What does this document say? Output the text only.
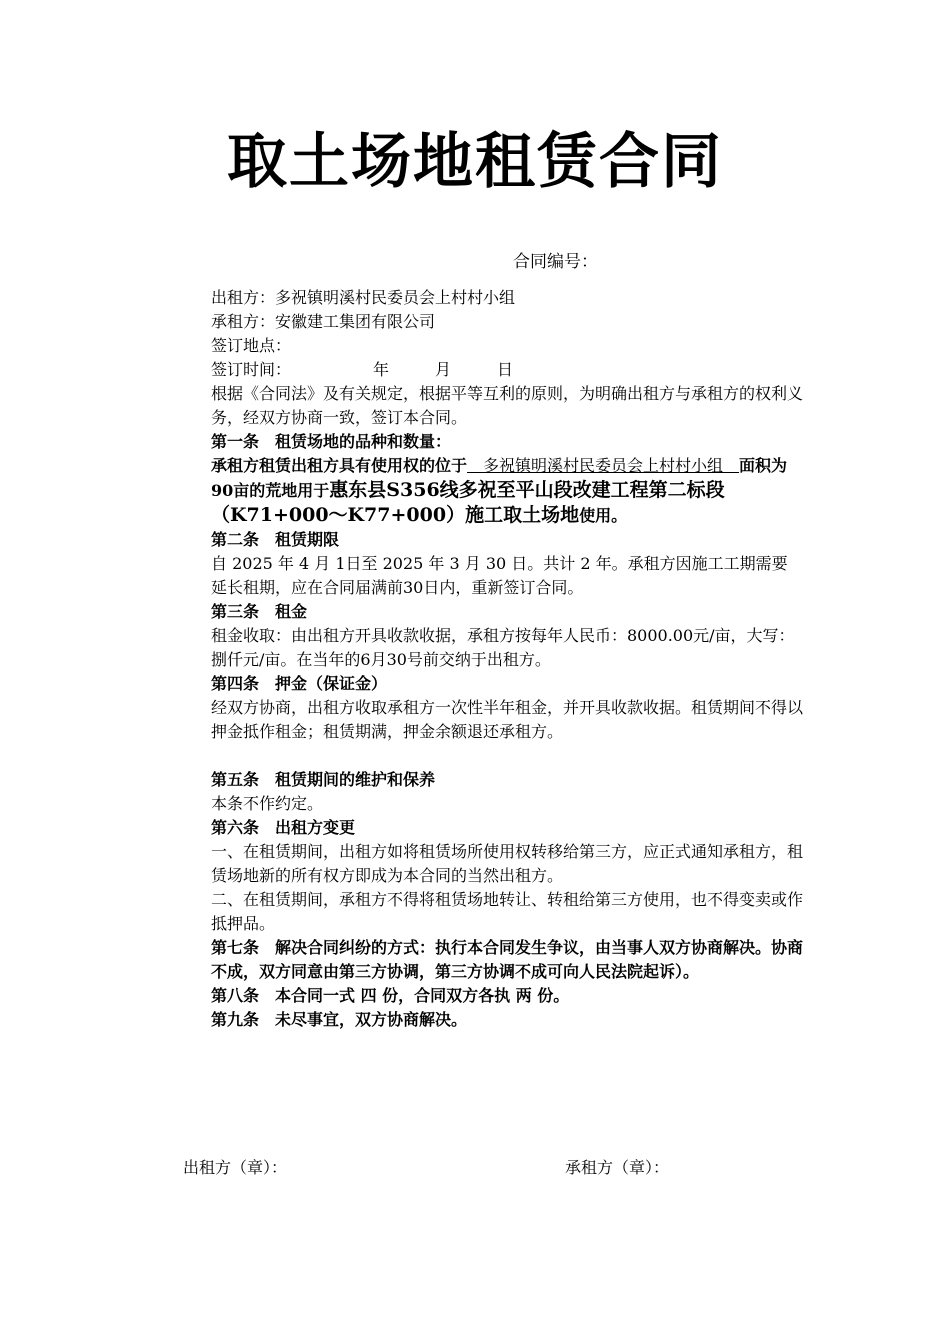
取土场地租赁合同
合同编号：

出租方：多祝镇明溪村民委员会上村村小组

承租方：安徽建工集团有限公司

签订地点：

签订时间：	年	月	日

根据《合同法》及有关规定，根据平等互利的原则，为明确出租方与承租方的权利义务，经双方协商一致，签订本合同。

第一条　租赁场地的品种和数量：

承租方租赁出租方具有使用权的位于　多祝镇明溪村民委员会上村村小组　面积为90亩的荒地用于惠东县S356线多祝至平山段改建工程第二标段（K71+000～K77+000）施工取土场地使用。

第二条　租赁期限

自 2025 年 4 月 1日至 2025 年 3 月 30 日。共计 2 年。承租方因施工工期需要延长租期，应在合同届满前30日内，重新签订合同。

第三条　租金

租金收取：由出租方开具收款收据，承租方按每年人民币：8000.00元/亩，大写：捌仟元/亩。在当年的6月30号前交纳于出租方。

第四条　押金（保证金）

经双方协商，出租方收取承租方一次性半年租金，并开具收款收据。租赁期间不得以押金抵作租金；租赁期满，押金余额退还承租方。

第五条　租赁期间的维护和保养

本条不作约定。

第六条　出租方变更

一、在租赁期间，出租方如将租赁场所使用权转移给第三方，应正式通知承租方，租赁场地新的所有权方即成为本合同的当然出租方。

二、在租赁期间，承租方不得将租赁场地转让、转租给第三方使用，也不得变卖或作抵押品。

第七条　解决合同纠纷的方式：执行本合同发生争议，由当事人双方协商解决。协商不成，双方同意由第三方协调，第三方协调不成可向人民法院起诉）。

第八条　本合同一式 四 份，合同双方各执 两 份。

第九条　未尽事宜，双方协商解决。

出租方（章）：	承租方（章）：
